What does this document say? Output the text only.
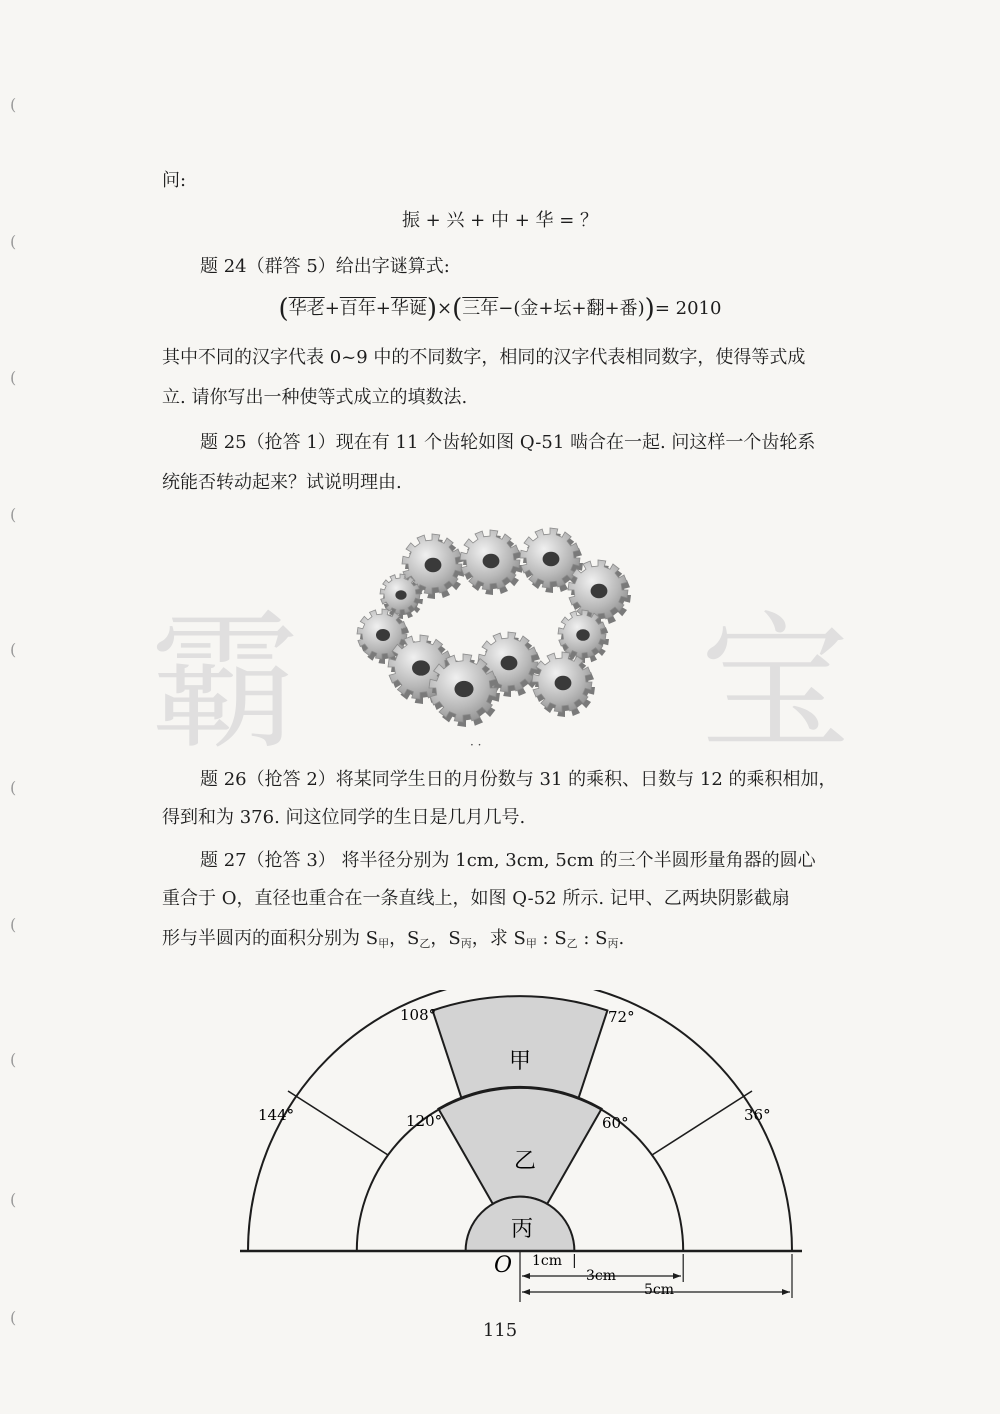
(
(
(
(
(
(
(
(
(
(
霸	宝
问:
振 + 兴 + 中 + 华 = ？
题 24（群答 5）给出字谜算式:
(华老+百年+华诞)×(三年−(金+坛+翻+番))= 2010
其中不同的汉字代表 0~9 中的不同数字，相同的汉字代表相同数字，使得等式成
立. 请你写出一种使等式成立的填数法.
题 25（抢答 1）现在有 11 个齿轮如图 Q-51 啮合在一起. 问这样一个齿轮系
统能否转动起来？试说明理由.
· ·
题 26（抢答 2）将某同学生日的月份数与 31 的乘积、日数与 12 的乘积相加，
得到和为 376. 问这位同学的生日是几月几号.
题 27（抢答 3） 将半径分别为 1cm, 3cm, 5cm 的三个半圆形量角器的圆心
重合于 O，直径也重合在一条直线上，如图 Q-52 所示. 记甲、乙两块阴影截扇
形与半圆丙的面积分别为 $S_甲$，$S_乙$，$S_丙$，求 $S_甲$ : $S_乙$ : $S_丙$.
108°	72°
144°	120°	60°	36°
甲
乙
丙
O 1cm
3cm
5cm
115
